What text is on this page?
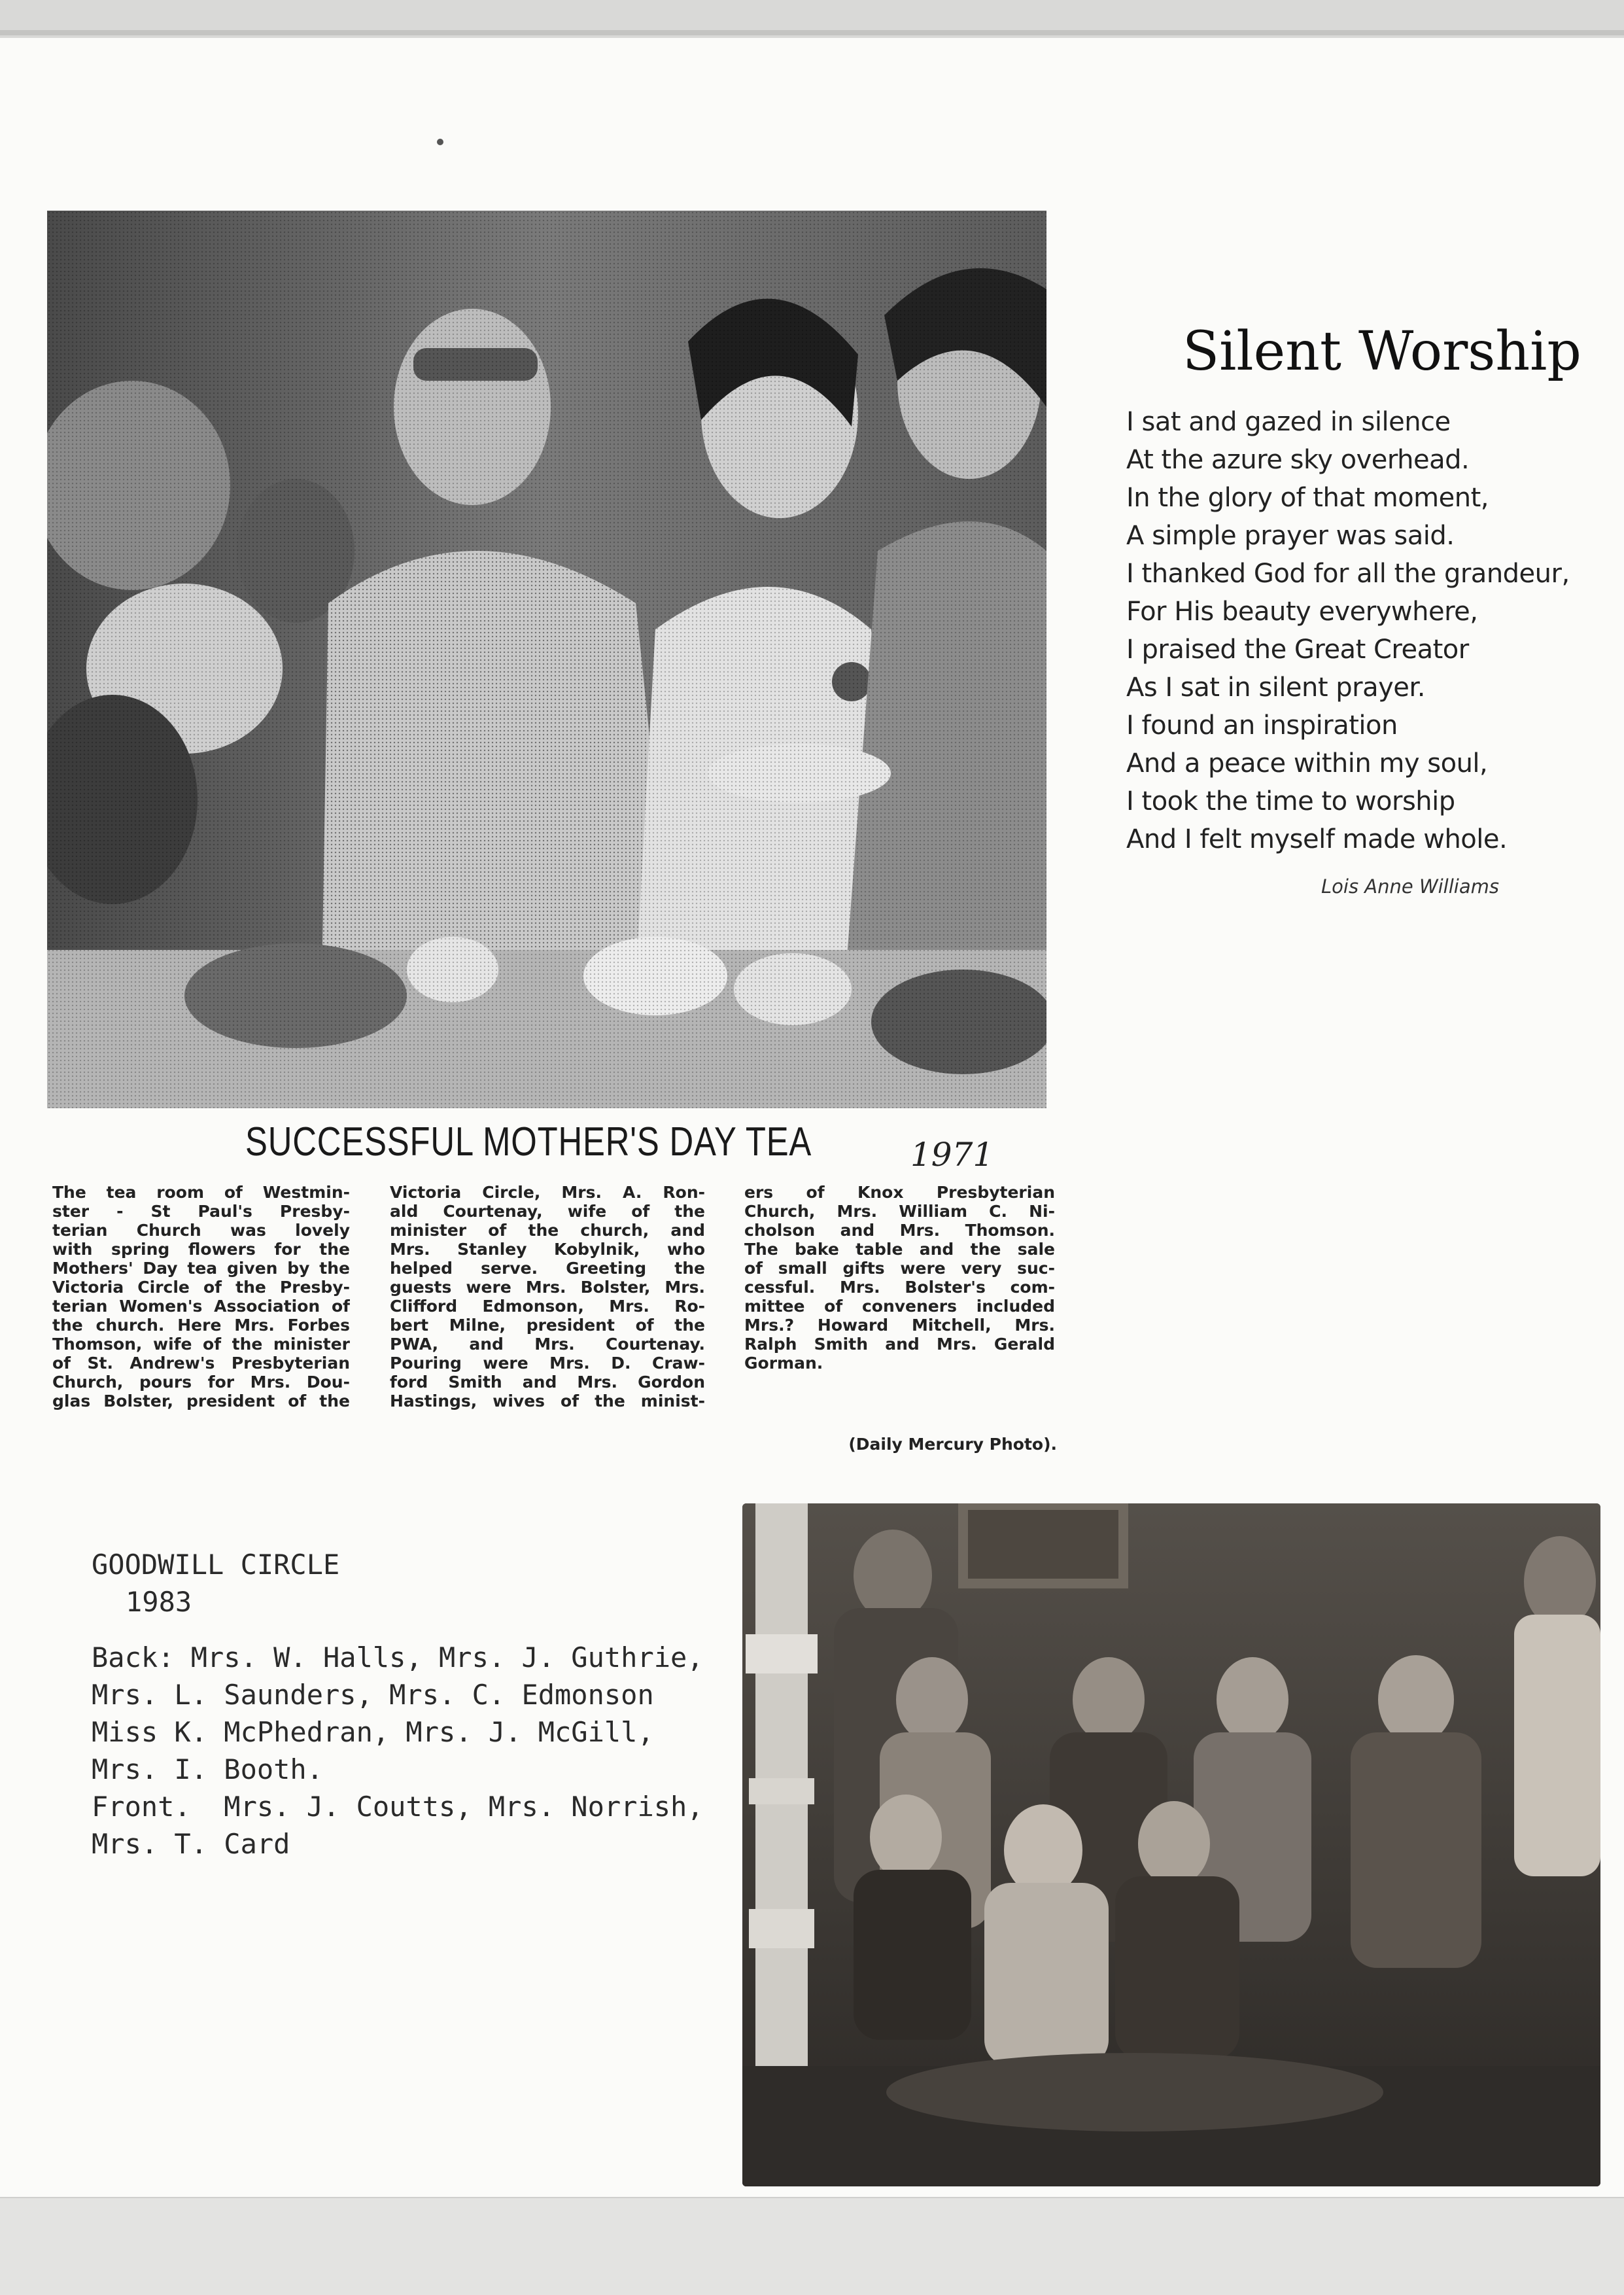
Silent Worship
I sat and gazed in silence
At the azure sky overhead.
In the glory of that moment,
A simple prayer was said.
I thanked God for all the grandeur,
For His beauty everywhere,
I praised the Great Creator
As I sat in silent prayer.
I found an inspiration
And a peace within my soul,
I took the time to worship
And I felt myself made whole.
Lois Anne Williams
SUCCESSFUL MOTHER'S DAY TEA	1971
The tea room of Westmin-
ster - St Paul's Presby-
terian Church was lovely
with spring flowers for the
Mothers' Day tea given by the
Victoria Circle of the Presby-
terian Women's Association of
the church. Here Mrs. Forbes
Thomson, wife of the minister
of St. Andrew's Presbyterian
Church, pours for Mrs. Dou-
glas Bolster, president of the
Victoria Circle, Mrs. A. Ron-
ald Courtenay, wife of the
minister of the church, and
Mrs. Stanley Kobylnik, who
helped serve. Greeting the
guests were Mrs. Bolster, Mrs.
Clifford Edmonson, Mrs. Ro-
bert Milne, president of the
PWA, and Mrs. Courtenay.
Pouring were Mrs. D. Craw-
ford Smith and Mrs. Gordon
Hastings, wives of the minist-
ers of Knox Presbyterian
Church, Mrs. William C. Ni-
cholson and Mrs. Thomson.
The bake table and the sale
of small gifts were very suc-
cessful. Mrs. Bolster's com-
mittee of conveners included
Mrs.? Howard Mitchell, Mrs.
Ralph Smith and Mrs. Gerald
Gorman.
(Daily Mercury Photo).
GOODWILL CIRCLE
1983
Back: Mrs. W. Halls, Mrs. J. Guthrie,
Mrs. L. Saunders, Mrs. C. Edmonson
Miss K. McPhedran, Mrs. J. McGill,
Mrs. I. Booth.
Front.  Mrs. J. Coutts, Mrs. Norrish,
Mrs. T. Card
